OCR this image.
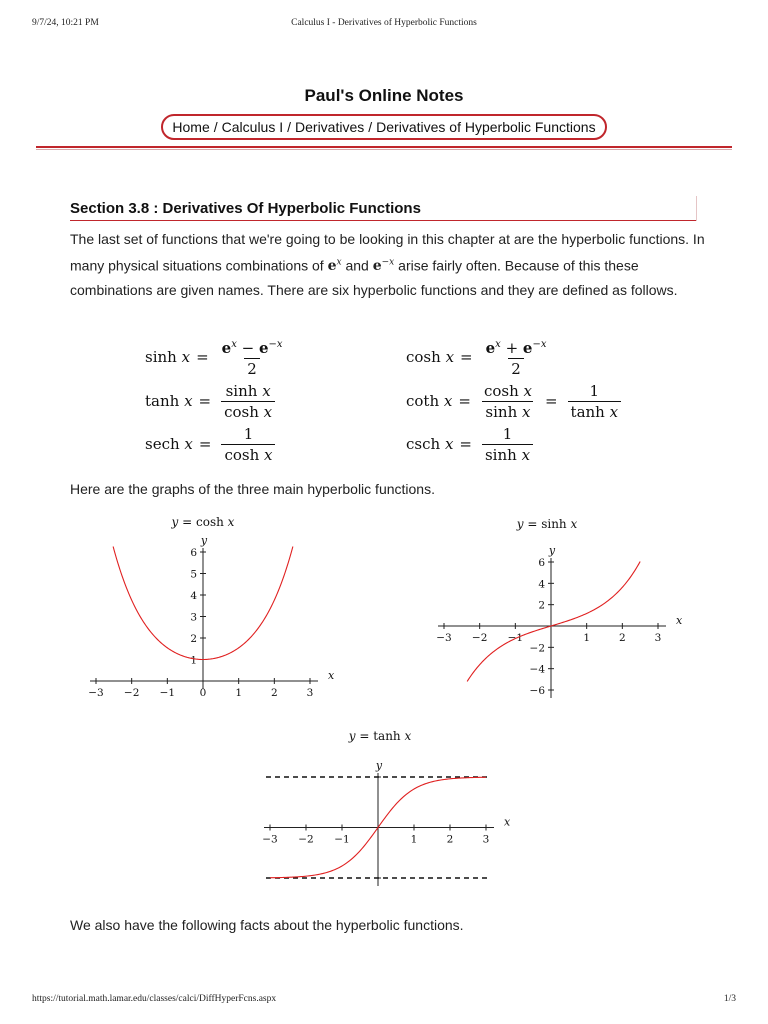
9/7/24, 10:21 PM	Calculus I - Derivatives of Hyperbolic Functions
Paul's Online Notes
Home / Calculus I / Derivatives / Derivatives of Hyperbolic Functions
Section 3.8 : Derivatives Of Hyperbolic Functions
The last set of functions that we're going to be looking in this chapter at are the hyperbolic functions. In many physical situations combinations of $e^x$ and $e^{-x}$ arise fairly often. Because of this these combinations are given names. There are six hyperbolic functions and they are defined as follows.
$\sinh x = \frac{e^x - e^{-x}}{2}$	$\cosh x = \frac{e^x + e^{-x}}{2}$
$\tanh x = \frac{\text{sinh x}}{\text{cosh x}}$	coth $x = \frac{\text{cosh x}}{\text{sinh x}} = \frac{1}{\text{tanh x}}$
sech $x = \frac{1}{\text{cosh x}}$	csch $x = \frac{1}{\text{sinh x}}$
Here are the graphs of the three main hyperbolic functions.
y = cosh x
x
y
−3 −2 −1 0	1	2	3
1
2
3
4
5
6
y = sinh x
x
y
−3 −2 −1	1	2	3
−6
−4
−2
2
4
6
y = tanh x
x
y
−3 −2 −1	1	2	3
We also have the following facts about the hyperbolic functions.
https://tutorial.math.lamar.edu/classes/calci/DiffHyperFcns.aspx	1/3
